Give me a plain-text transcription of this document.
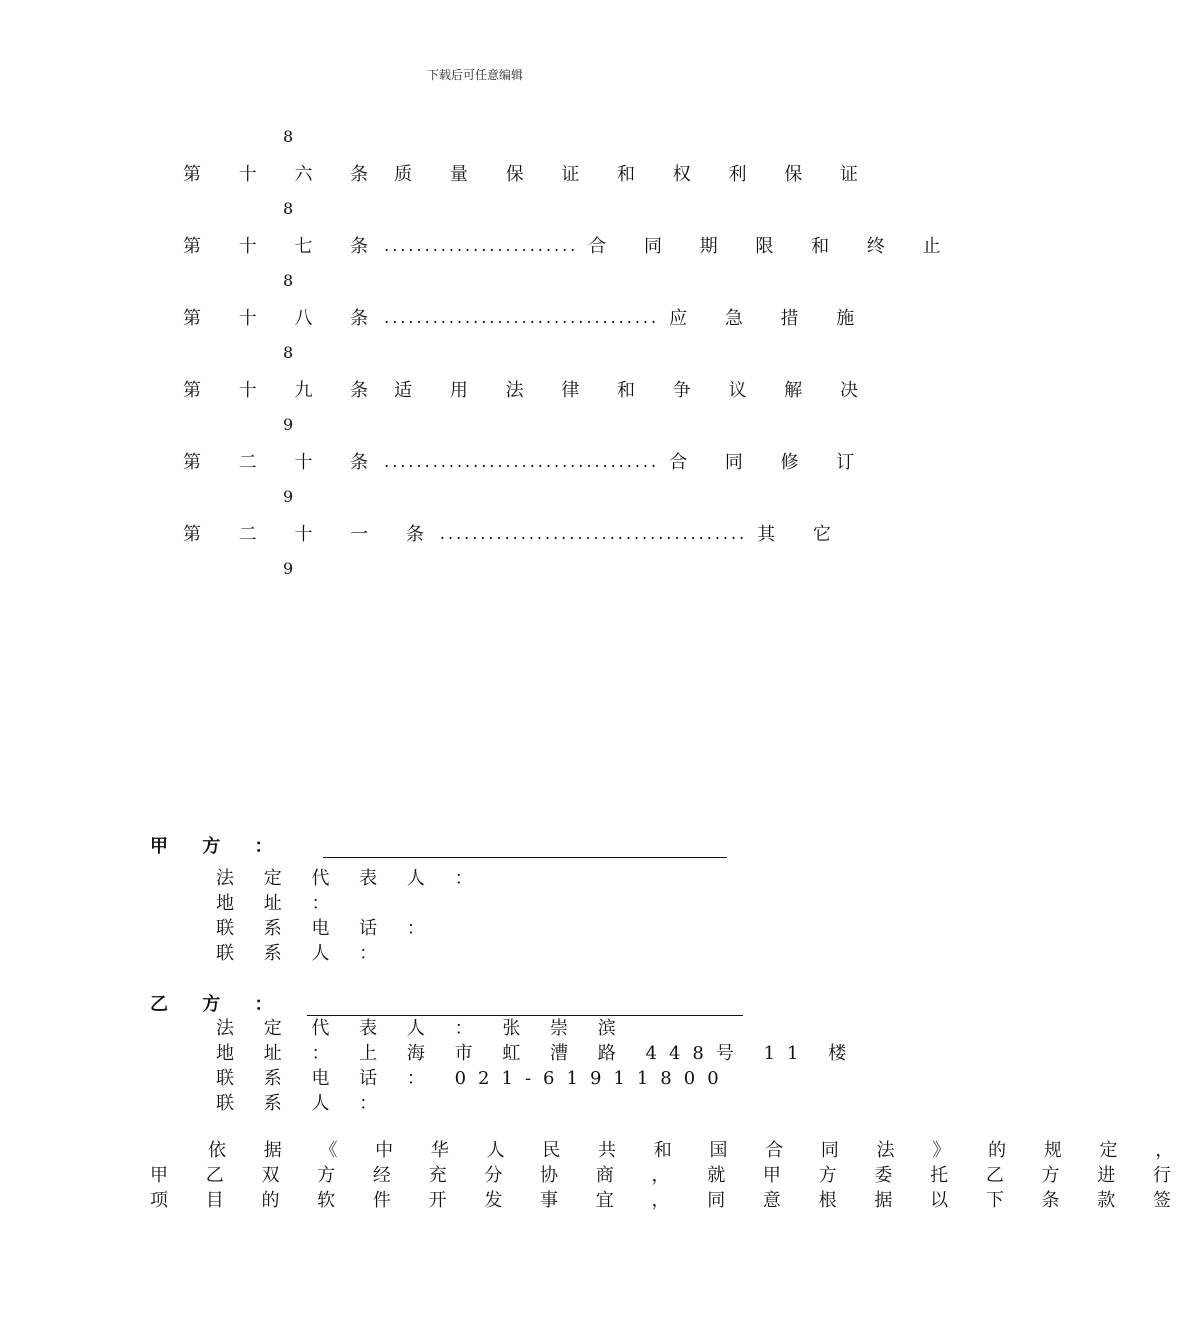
下载后可任意编辑
8
第 十 六 条 质 量 保 证 和 权 利 保 证
8
第 十 七 条 ........................ 合 同 期 限 和 终 止
8
第 十 八 条 .................................. 应 急 措 施
8
第 十 九 条 适 用 法 律 和 争 议 解 决
9
第 二 十 条 .................................. 合 同 修 订
9
第 二 十 一 条 ...................................... 其 它
9
甲 方 ：
法 定 代 表 人 ：
地 址 ：
联 系 电 话 ：
联 系 人 ：
乙 方 ：
法 定 代 表 人 ： 张 崇 滨
地 址 ： 上 海 市 虹 漕 路 448号 11 楼
联 系 电 话 ： 021-61911800
联 系 人 ：
　依 据 《 中 华 人 民 共 和 国 合 同 法 》 的 规 定 ，
甲 乙 双 方 经 充 分 协 商 ， 就 甲 方 委 托 乙 方 进 行
项 目 的 软 件 开 发 事 宜 ， 同 意 根 据 以 下 条 款 签
